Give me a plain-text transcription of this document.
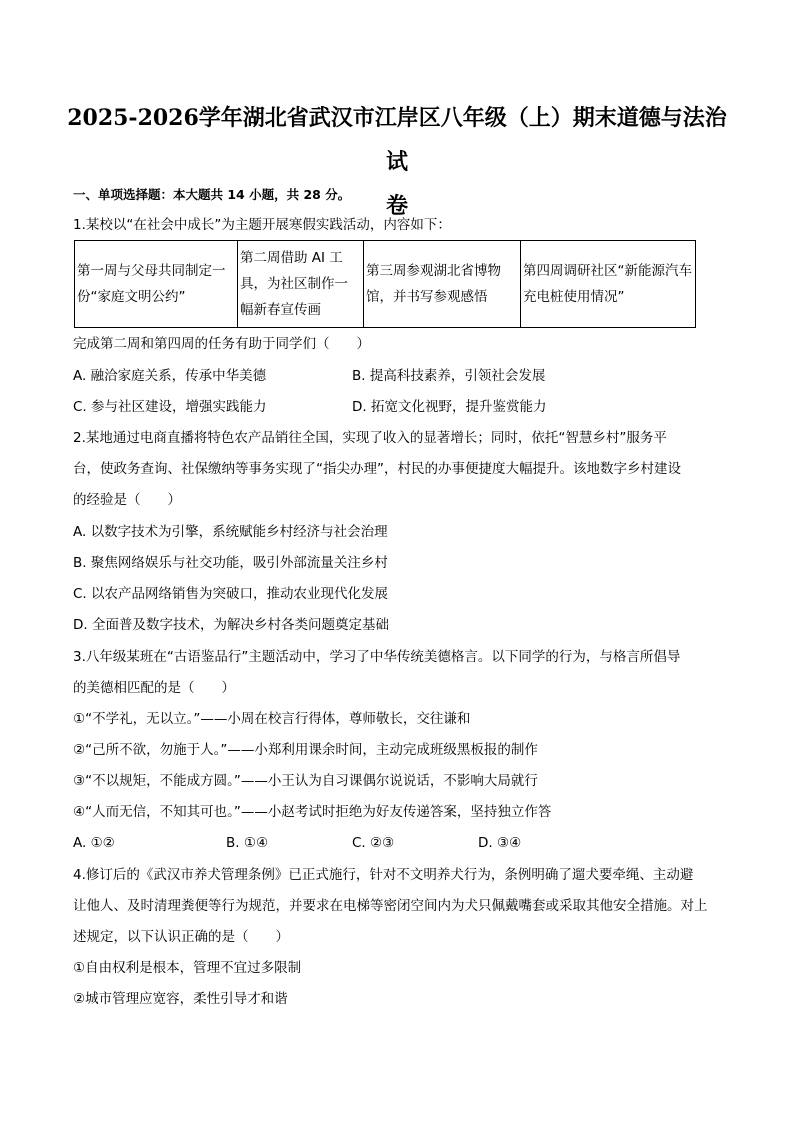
2025-2026学年湖北省武汉市江岸区八年级（上）期末道德与法治试
卷
一、单项选择题：本大题共 14 小题，共 28 分。
1.某校以“在社会中成长”为主题开展寒假实践活动，内容如下：
第一周与父母共同制定一份“家庭文明公约”	第二周借助 AI 工具，为社区制作一幅新春宣传画	第三周参观湖北省博物馆，并书写参观感悟	第四周调研社区“新能源汽车充电桩使用情况”
完成第二周和第四周的任务有助于同学们（　　）
A. 融洽家庭关系，传承中华美德	B. 提高科技素养，引领社会发展
C. 参与社区建设，增强实践能力	D. 拓宽文化视野，提升鉴赏能力
2.某地通过电商直播将特色农产品销往全国，实现了收入的显著增长；同时，依托“智慧乡村”服务平
台，使政务查询、社保缴纳等事务实现了“指尖办理”，村民的办事便捷度大幅提升。该地数字乡村建设
的经验是（　　）
A. 以数字技术为引擎，系统赋能乡村经济与社会治理
B. 聚焦网络娱乐与社交功能，吸引外部流量关注乡村
C. 以农产品网络销售为突破口，推动农业现代化发展
D. 全面普及数字技术，为解决乡村各类问题奠定基础
3.八年级某班在“古语鉴品行”主题活动中，学习了中华传统美德格言。以下同学的行为，与格言所倡导
的美德相匹配的是（　　）
①“不学礼，无以立。”——小周在校言行得体，尊师敬长，交往谦和
②“己所不欲，勿施于人。”——小郑利用课余时间，主动完成班级黑板报的制作
③“不以规矩，不能成方圆。”——小王认为自习课偶尔说说话，不影响大局就行
④“人而无信，不知其可也。”——小赵考试时拒绝为好友传递答案，坚持独立作答
A. ①②	B. ①④	C. ②③	D. ③④
4.修订后的《武汉市养犬管理条例》已正式施行，针对不文明养犬行为，条例明确了遛犬要牵绳、主动避
让他人、及时清理粪便等行为规范，并要求在电梯等密闭空间内为犬只佩戴嘴套或采取其他安全措施。对上
述规定，以下认识正确的是（　　）
①自由权利是根本，管理不宜过多限制
②城市管理应宽容，柔性引导才和谐
